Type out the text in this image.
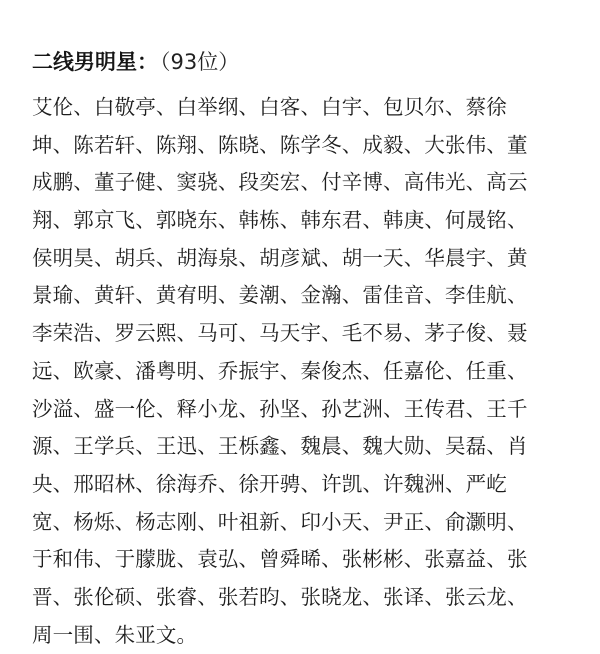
二线男明星：（93位）
艾伦、白敬亭、白举纲、白客、白宇、包贝尔、蔡徐
坤、陈若轩、陈翔、陈晓、陈学冬、成毅、大张伟、董
成鹏、董子健、窦骁、段奕宏、付辛博、高伟光、高云
翔、郭京飞、郭晓东、韩栋、韩东君、韩庚、何晟铭、
侯明昊、胡兵、胡海泉、胡彦斌、胡一天、华晨宇、黄
景瑜、黄轩、黄宥明、姜潮、金瀚、雷佳音、李佳航、
李荣浩、罗云熙、马可、马天宇、毛不易、茅子俊、聂
远、欧豪、潘粤明、乔振宇、秦俊杰、任嘉伦、任重、
沙溢、盛一伦、释小龙、孙坚、孙艺洲、王传君、王千
源、王学兵、王迅、王栎鑫、魏晨、魏大勋、吴磊、肖
央、邢昭林、徐海乔、徐开骋、许凯、许魏洲、严屹
宽、杨烁、杨志刚、叶祖新、印小天、尹正、俞灏明、
于和伟、于朦胧、袁弘、曾舜晞、张彬彬、张嘉益、张
晋、张伦硕、张睿、张若昀、张晓龙、张译、张云龙、
周一围、朱亚文。
